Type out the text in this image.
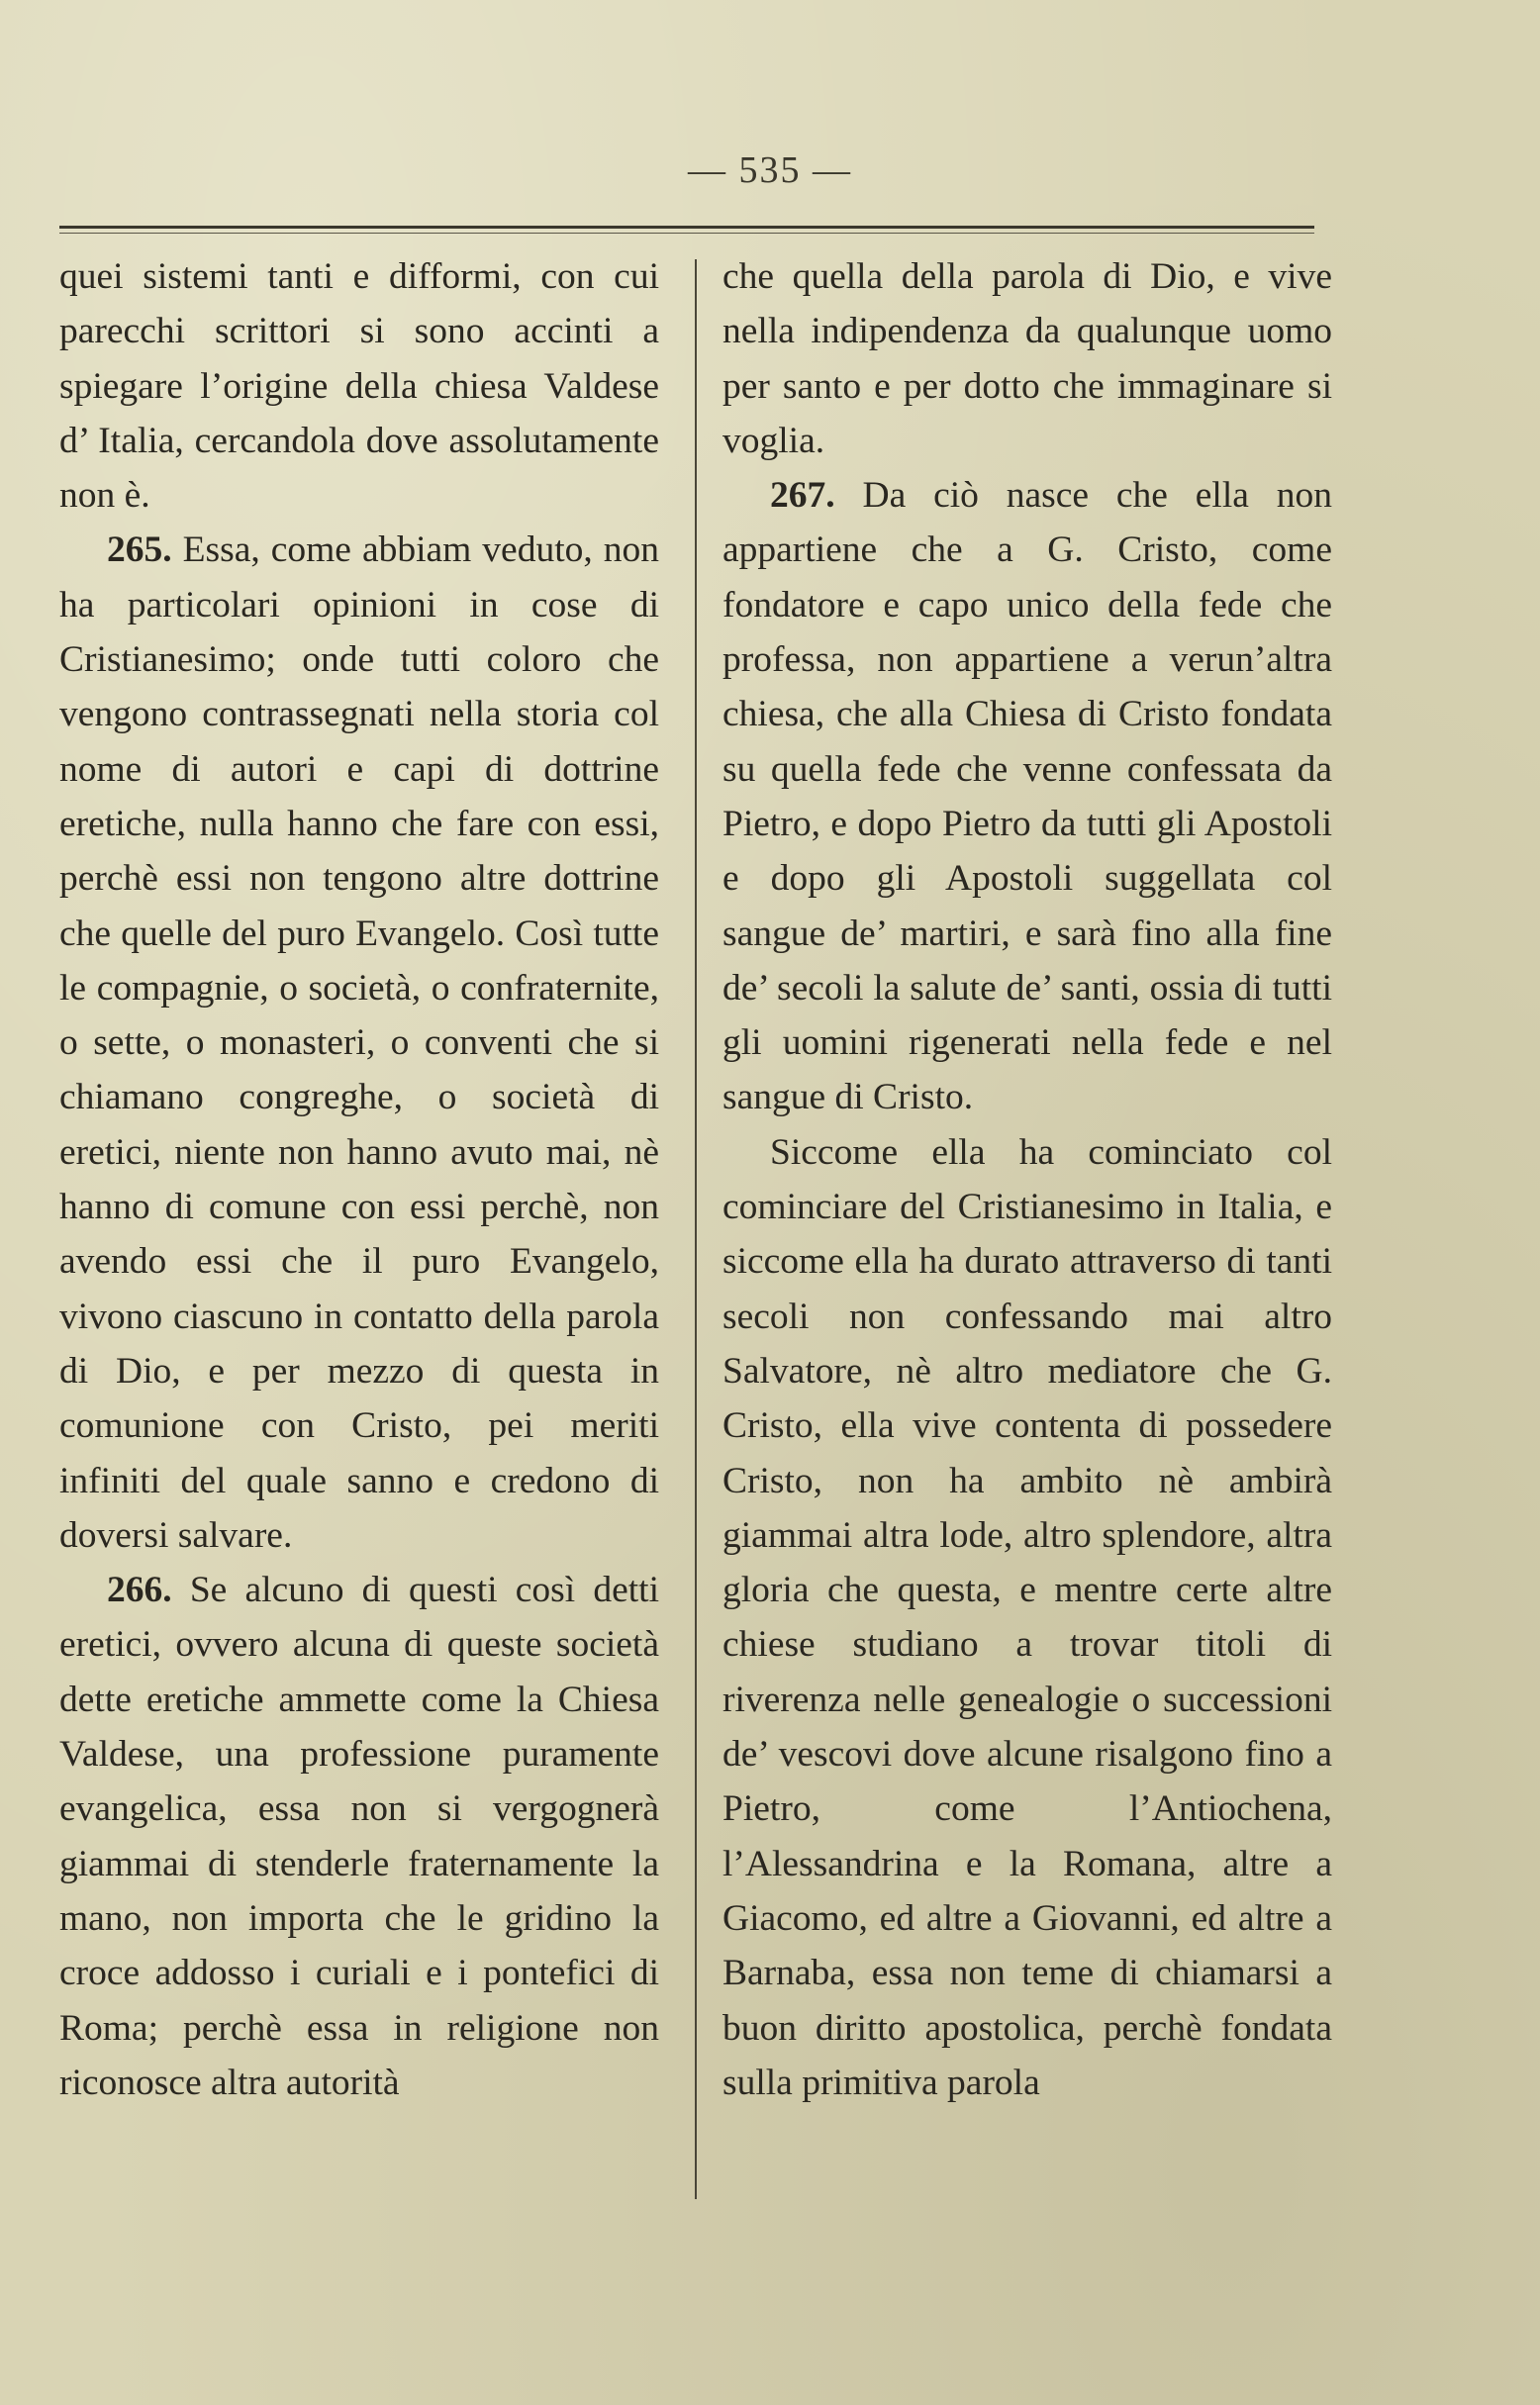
— 535 —

quei sistemi tanti e difformi, con cui parecchi scrittori si sono accinti a spiegare l’origine della chiesa Valdese d’ Italia, cercandola dove assolutamente non è.

265. Essa, come abbiam veduto, non ha particolari opinioni in cose di Cristianesimo; onde tutti coloro che vengono contrassegnati nella storia col nome di autori e capi di dottrine eretiche, nulla hanno che fare con essi, perchè essi non tengono altre dottrine che quelle del puro Evangelo. Così tutte le compagnie, o società, o confraternite, o sette, o monasteri, o conventi che si chiamano congreghe, o società di eretici, niente non hanno avuto mai, nè hanno di comune con essi perchè, non avendo essi che il puro Evangelo, vivono ciascuno in contatto della parola di Dio, e per mezzo di questa in comunione con Cristo, pei meriti infiniti del quale sanno e credono di doversi salvare.

266. Se alcuno di questi così detti eretici, ovvero alcuna di queste società dette eretiche ammette come la Chiesa Valdese, una professione puramente evangelica, essa non si vergognerà giammai di stenderle fraternamente la mano, non importa che le gridino la croce addosso i curiali e i pontefici di Roma; perchè essa in religione non riconosce altra autorità

che quella della parola di Dio, e vive nella indipendenza da qualunque uomo per santo e per dotto che immaginare si voglia.

267. Da ciò nasce che ella non appartiene che a G. Cristo, come fondatore e capo unico della fede che professa, non appartiene a verun’altra chiesa, che alla Chiesa di Cristo fondata su quella fede che venne confessata da Pietro, e dopo Pietro da tutti gli Apostoli e dopo gli Apostoli suggellata col sangue de’ martiri, e sarà fino alla fine de’ secoli la salute de’ santi, ossia di tutti gli uomini rigenerati nella fede e nel sangue di Cristo.

Siccome ella ha cominciato col cominciare del Cristianesimo in Italia, e siccome ella ha durato attraverso di tanti secoli non confessando mai altro Salvatore, nè altro mediatore che G. Cristo, ella vive contenta di possedere Cristo, non ha ambito nè ambirà giammai altra lode, altro splendore, altra gloria che questa, e mentre certe altre chiese studiano a trovar titoli di riverenza nelle genealogie o successioni de’ vescovi dove alcune risalgono fino a Pietro, come l’Antiochena, l’Alessandrina e la Romana, altre a Giacomo, ed altre a Giovanni, ed altre a Barnaba, essa non teme di chiamarsi a buon diritto apostolica, perchè fondata sulla primitiva parola
